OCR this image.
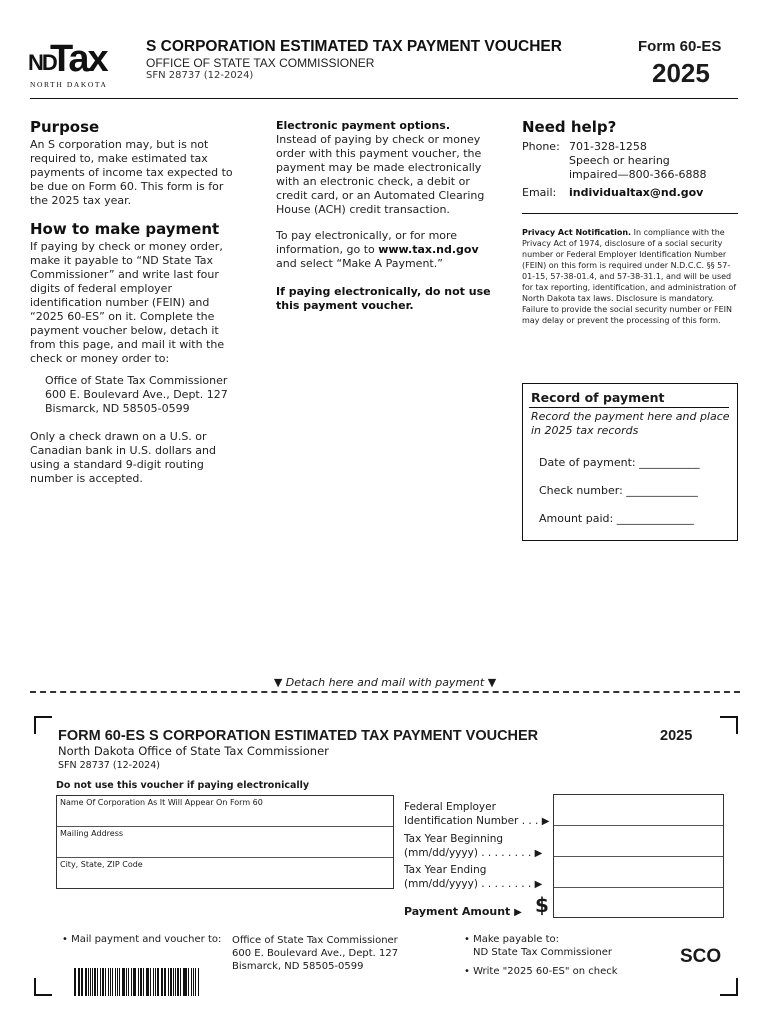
ND
Tax
NORTH DAKOTA
S CORPORATION ESTIMATED TAX PAYMENT VOUCHER
OFFICE OF STATE TAX COMMISSIONER
SFN 28737 (12-2024)
Form 60-ES
2025
Purpose

An S corporation may, but is not required to, make estimated tax payments of income tax expected to be due on Form 60. This form is for the 2025 tax year.

How to make payment

If paying by check or money order, make it payable to “ND State Tax Commissioner” and write last four digits of federal employer identification number (FEIN) and “2025 60-ES” on it. Complete the payment voucher below, detach it from this page, and mail it with the check or money order to:

Office of State Tax Commissioner
600 E. Boulevard Ave., Dept. 127
Bismarck, ND 58505-0599

Only a check drawn on a U.S. or Canadian bank in U.S. dollars and using a standard 9-digit routing number is accepted.

Electronic payment options.

Instead of paying by check or money order with this payment voucher, the payment may be made electronically with an electronic check, a debit or credit card, or an Automated Clearing House (ACH) credit transaction.

To pay electronically, or for more information, go to www.tax.nd.gov and select “Make A Payment.”

If paying electronically, do not use this payment voucher.

Need help?
Phone: 701-328-1258
Speech or hearing
impaired—800-366-6888
Email:	individualtax@nd.gov

Privacy Act Notification. In compliance with the Privacy Act of 1974, disclosure of a social security number or Federal Employer Identification Number (FEIN) on this form is required under N.D.C.C. §§ 57-01-15, 57-38-01.4, and 57-38-31.1, and will be used for tax reporting, identification, and administration of North Dakota tax laws. Disclosure is mandatory. Failure to provide the social security number or FEIN may delay or prevent the processing of this form.

Record of payment
Record the payment here and place in 2025 tax records
Date of payment: ___________
Check number: _____________
Amount paid: ______________
▼ Detach here and mail with payment ▼
FORM 60-ES S CORPORATION ESTIMATED TAX PAYMENT VOUCHER	2025
North Dakota Office of State Tax Commissioner
SFN 28737 (12-2024)
Do not use this voucher if paying electronically
Name Of Corporation As It Will Appear On Form 60
Mailing Address
City, State, ZIP Code
Federal Employer
Identification Number . . . ▶
Tax Year Beginning
(mm/dd/yyyy) . . . . . . . . ▶
Tax Year Ending
(mm/dd/yyyy) . . . . . . . . ▶
Payment Amount ▶ $
• Mail payment and voucher to: Office of State Tax Commissioner
600 E. Boulevard Ave., Dept. 127
Bismarck, ND 58505-0599
• Make payable to:
ND State Tax Commissioner
• Write "2025 60-ES" on check
SCO
